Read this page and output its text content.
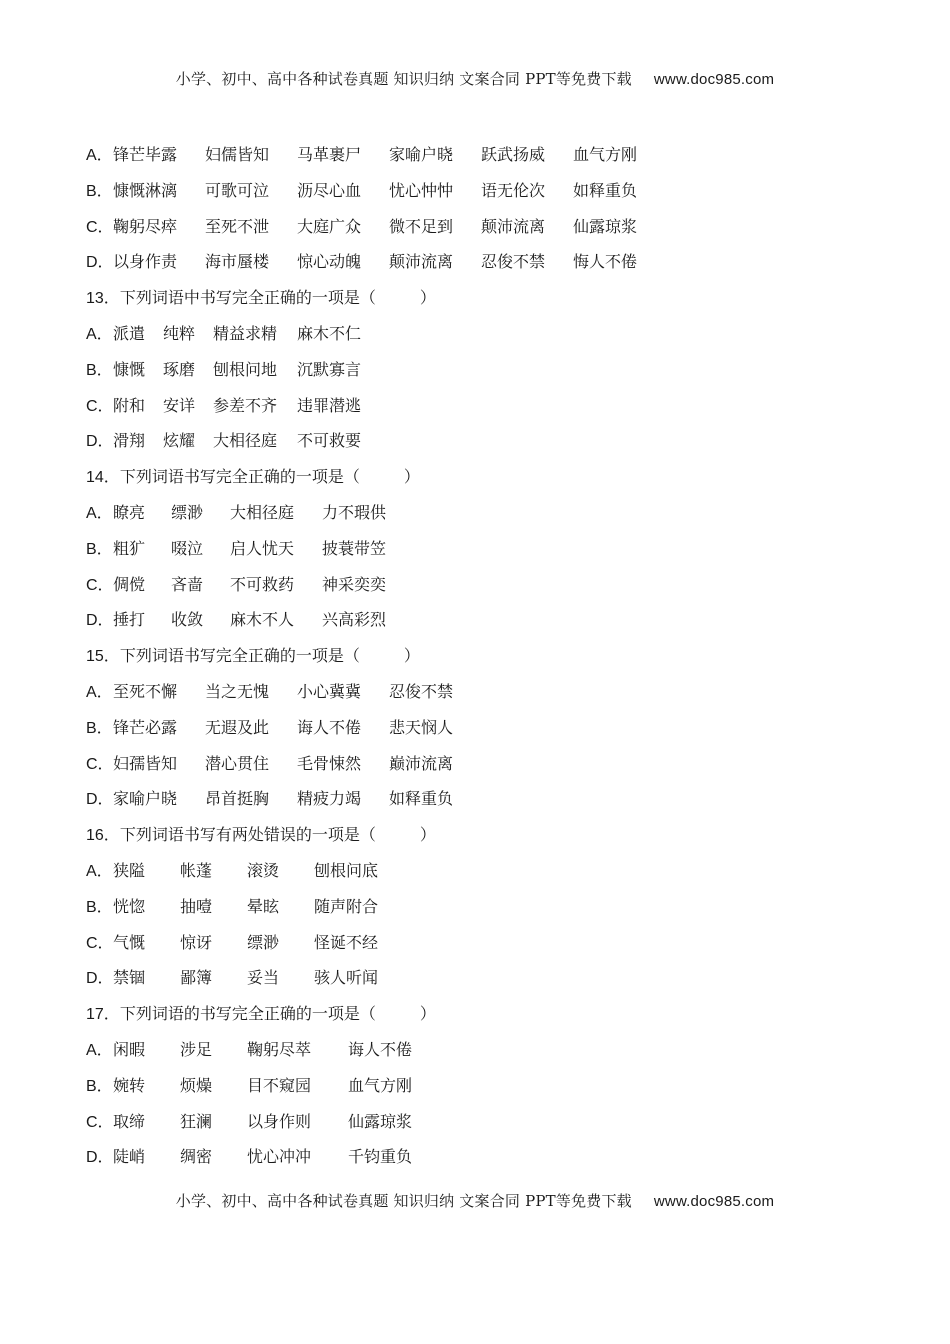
小学、初中、高中各种试卷真题 知识归纳 文案合同 PPT等免费下载 www.doc985.com
A．锋芒毕露 妇儒皆知 马革裹尸 家喻户晓 跃武扬威 血气方刚
B．慷慨淋漓 可歌可泣 沥尽心血 忧心忡忡 语无伦次 如释重负
C．鞠躬尽瘁 至死不泄 大庭广众 微不足到 颠沛流离 仙露琼浆
D．以身作责 海市蜃楼 惊心动魄 颠沛流离 忍俊不禁 悔人不倦
13．下列词语中书写完全正确的一项是（	）
A．派遣 纯粹 精益求精 麻木不仁
B．慷慨 琢磨 刨根问地 沉默寡言
C．附和 安详 参差不齐 违罪潜逃
D．滑翔 炫耀 大相径庭 不可救要
14．下列词语书写完全正确的一项是（	）
A．瞭亮 缥渺 大相径庭 力不瑕供
B．粗犷 啜泣 启人忧天 披蓑带笠
C．倜傥 吝啬 不可救药 神采奕奕
D．捶打 收敛 麻木不人 兴高彩烈
15．下列词语书写完全正确的一项是（	）
A．至死不懈 当之无愧 小心冀冀 忍俊不禁
B．锋芒必露 无遐及此 诲人不倦 悲天悯人
C．妇孺皆知 潜心贯住 毛骨悚然 巅沛流离
D．家喻户晓 昂首挺胸 精疲力竭 如释重负
16．下列词语书写有两处错误的一项是（	）
A．狭隘 帐蓬 滚烫 刨根问底
B．恍惚 抽噎 晕眩 随声附合
C．气慨 惊讶 缥渺 怪诞不经
D．禁锢 鄙簿 妥当 骇人听闻
17．下列词语的书写完全正确的一项是（	）
A．闲暇 涉足 鞠躬尽萃 诲人不倦
B．婉转 烦燥 目不窥园 血气方刚
C．取缔 狂澜 以身作则 仙露琼浆
D．陡峭 绸密 忧心冲冲 千钧重负
小学、初中、高中各种试卷真题 知识归纳 文案合同 PPT等免费下载 www.doc985.com
